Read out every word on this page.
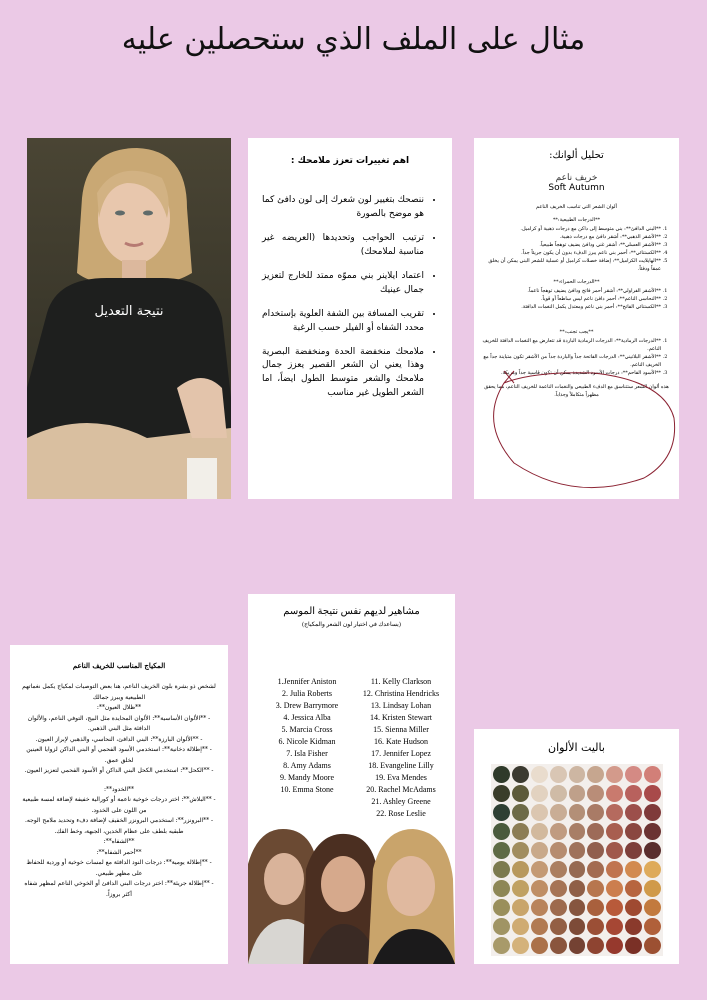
مثال على الملف الذي ستحصلين عليه
نتيجة التعديل
اهم تغييرات تعزز ملامحك :
• ننصحك بتغيير لون شعرك إلى لون دافئ كما هو موضح بالصورة
• ترتيب الحواجب وتحديدها (العريضه غير مناسبة لملامحك)
• اعتماد ايلاينر بني مموّه ممتد للخارج لتعزيز جمال عينيك
• تقريب المسافة بين الشفة العلوية بإستخدام محدد الشفاه أو الفيلر حسب الرغبة
• ملامحك منخفضة الحدة ومنخفضة البصرية وهذا يعني ان الشعر القصير يعزز جمال ملامحك والشعر متوسط الطول ايضاً، اما الشعر الطويل غير مناسب
تحليل ألوانك:
خريف ناعم
Soft Autumn
ألوان الشعر التي تناسب الخريف الناعم
**الدرجات الطبيعية:**
1. **البني الدافئ**: بني متوسط إلى داكن مع درجات ذهبية أو كراميل.
2. **الأشقر الذهبي**: أشقر دافئ مع درجات ذهبية.
3. **الأشقر العسلي**: أشقر غني ودافئ يضيف توهجاً طبيعياً.
4. **الكستنائي**: أحمر بني ناعم يبرز الدفء بدون أن يكون جريئاً جداً.
5. **الهايلايت الكراميل**: إضافة خصلات كراميل أو عسلية للشعر البني يمكن أن يخلق عمقاً ودفئاً.
**الدرجات الحمراء:**
1. **الأشقر الفراولي**: أشقر أحمر فاتح ودافئ يضيف توهجاً ناعماً.
2. **النحاسي الناعم**: أحمر دافئ ناعم ليس ساطعاً أو قوياً.
3. **الكستنائي الفاتح**: أحمر بني ناعم ومعتدل يكمل النغمات الدافئة.
**يجب تجنب:**
1. **الدرجات الرمادية**: الدرجات الرمادية الباردة قد تتعارض مع النغمات الدافئة للخريف الناعم.
2. **الأشقر البلاتيني**: الدرجات الفاتحة جداً والباردة جداً من الأشقر تكون متباينة جداً مع الخريف الناعم.
3. **الأسود الفاحم**: درجات الأسود الشديدة يمكن أن تكون قاسية جداً ومربكة.
هذه ألوان الشعر ستتناسق مع الدفء الطبيعي والنغمات الناعمة للخريف الناعم، مما يحقق مظهراً متكاملاً وجذاباً.
المكياج المناسب للخريف الناعم
لشخص ذو بشرة بلون الخريف الناعم، هنا بعض التوصيات لمكياج يكمل نغماتهم الطبيعية ويبرز جمالك
**ظلال العيون**:
- **الألوان الأساسية**: الألوان المحايدة مثل البيج، التوفي الناعم، والألوان الدافئة مثل البني الذهبي.
- **الألوان البارزة**: البني الدافئ، النحاسي، والذهبي لإبراز العيون.
- **إطلالة دخانية**: استخدمي الأسود الفحمي أو البني الداكن لزوايا العينين لخلق عمق.
- **الكحل**: استخدمي الكحل البني الداكن أو الأسود الفحمي لتعزيز العيون.
**الخدود**:
- **البلاش**: اختر درجات خوخية ناعمة أو كورالية خفيفة لإضافة لمسة طبيعية من اللون على الخدود.
- **البرونزر**: استخدمي البرونزر الخفيف لإضافة دفء وتحديد ملامح الوجه. طبقيه بلطف على عظام الخدين، الجبهة، وخط الفك.
**الشفاه**:
**أحمر الشفاه**:
- **إطلالة يومية**: درجات النود الدافئة مع لمسات خوخية أو وردية للحفاظ على مظهر طبيعي.
- **إطلالة جريئة**: اختر درجات البني الدافئ أو الخوخي الناعم لمظهر شفاه أكثر بروزاً.
مشاهير لديهم نفس نتيجة الموسم
(يساعدك في اختيار لون الشعر والمكياج)
1.Jennifer Aniston
2. Julia Roberts
3. Drew Barrymore
4. Jessica Alba
5. Marcia Cross
6. Nicole Kidman
7. Isla Fisher
8. Amy Adams
9. Mandy Moore
10. Emma Stone
11. Kelly Clarkson
12. Christina Hendricks
13. Lindsay Lohan
14. Kristen Stewart
15. Sienna Miller
16. Kate Hudson
17. Jennifer Lopez
18. Evangeline Lilly
19. Eva Mendes
20. Rachel McAdams
21. Ashley Greene
22. Rose Leslie
باليت الألوان
